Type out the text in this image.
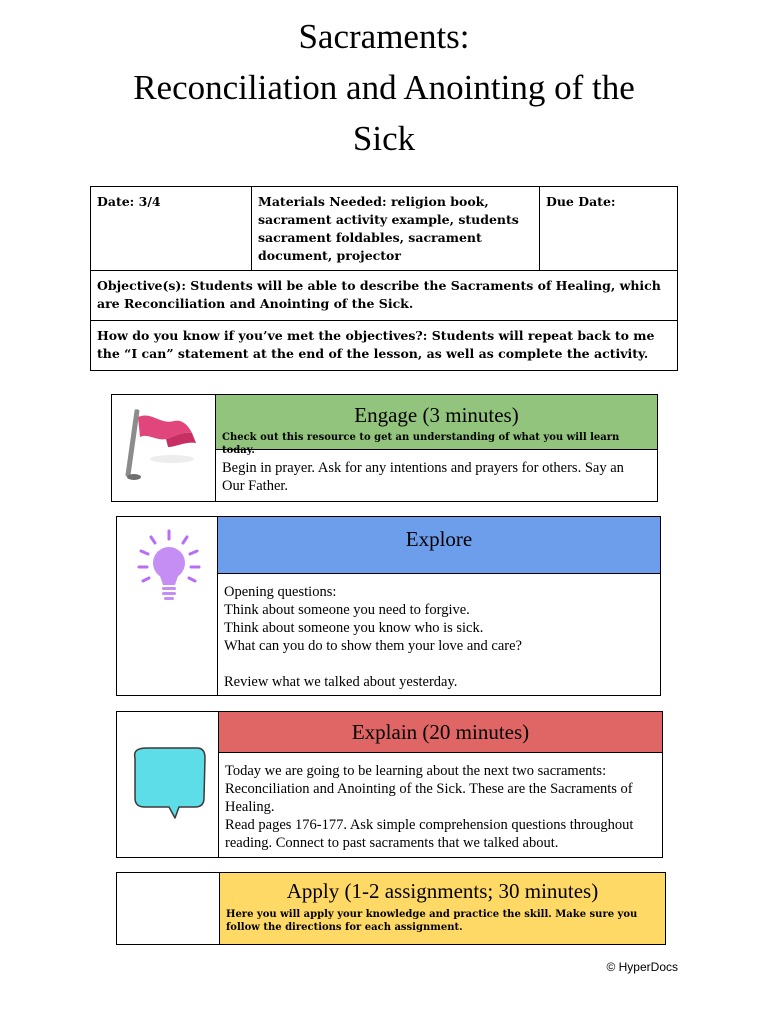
Sacraments:
Reconciliation and Anointing of the
Sick
Date: 3/4	Materials Needed: religion book, sacrament activity example, students sacrament foldables, sacrament document, projector	Due Date:
Objective(s): Students will be able to describe the Sacraments of Healing, which are Reconciliation and Anointing of the Sick.
How do you know if you’ve met the objectives?: Students will repeat back to me the “I can” statement at the end of the lesson, as well as complete the activity.
Engage (3 minutes)
Check out this resource to get an understanding of what you will learn today.
Begin in prayer. Ask for any intentions and prayers for others. Say an Our Father.
Explore
Opening questions:
Think about someone you need to forgive.
Think about someone you know who is sick.
What can you do to show them your love and care?
Review what we talked about yesterday.
Explain (20 minutes)
Today we are going to be learning about the next two sacraments: Reconciliation and Anointing of the Sick. These are the Sacraments of Healing.
Read pages 176-177. Ask simple comprehension questions throughout reading. Connect to past sacraments that we talked about.
Apply (1-2 assignments; 30 minutes)
Here you will apply your knowledge and practice the skill. Make sure you follow the directions for each assignment.
© HyperDocs
